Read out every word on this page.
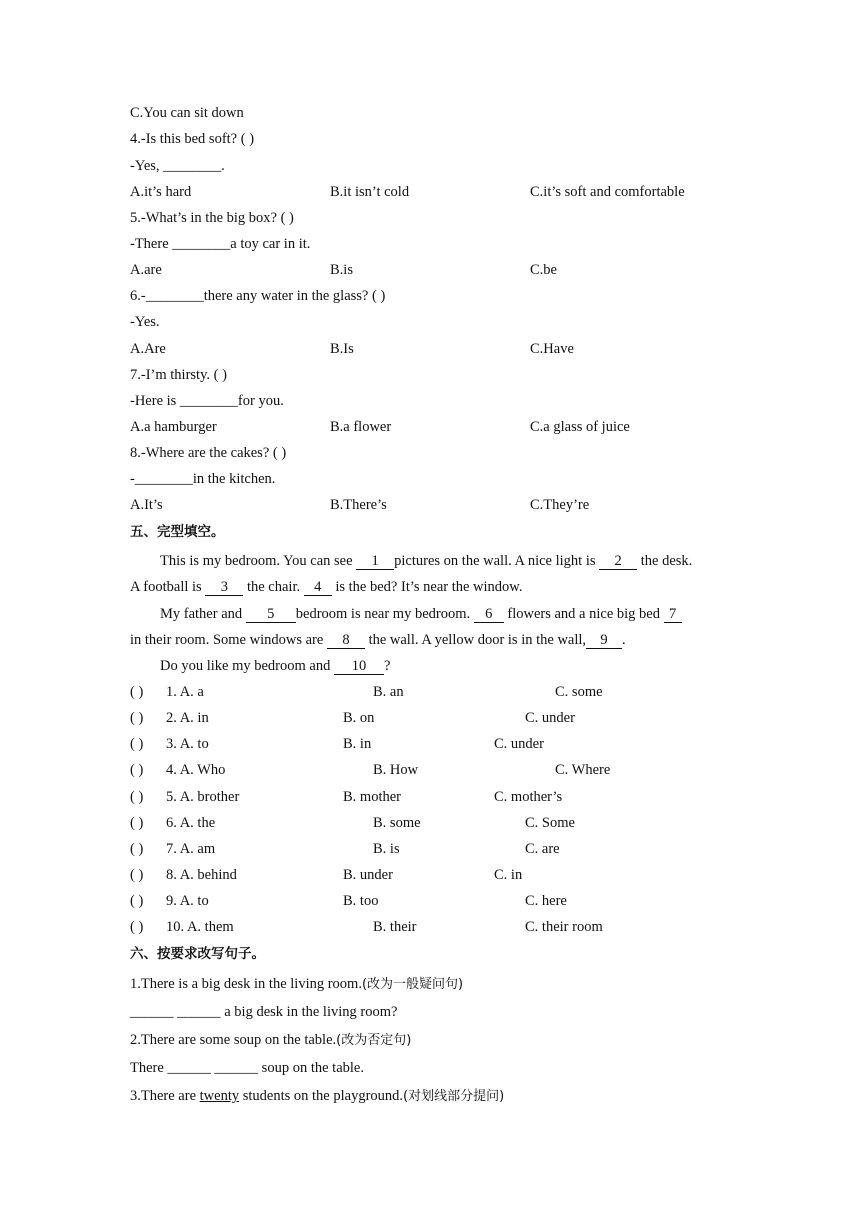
C.You can sit down
4.-Is this bed soft? ( )
-Yes, ________.
A.it’s hard	B.it isn’t cold	C.it’s soft and comfortable
5.-What’s in the big box? ( )
-There ________a toy car in it.
A.are	B.is	C.be
6.-________there any water in the glass? ( )
-Yes.
A.Are	B.Is	C.Have
7.-I’m thirsty. ( )
-Here is ________for you.
A.a hamburger	B.a flower	C.a glass of juice
8.-Where are the cakes? ( )
-________in the kitchen.
A.It’s	B.There’s	C.They’re
五、完型填空。
This is my bedroom. You can see 1 pictures on the wall. A nice light is 2 the desk.
A football is 3 the chair. 4 is the bed? It’s near the window.
My father and 5 bedroom is near my bedroom. 6 flowers and a nice big bed 7
in their room. Some windows are 8 the wall. A yellow door is in the wall, 9 .
Do you like my bedroom and 10 ?
( ) 1. A. a	B. an	C. some
( ) 2. A. in	B. on	C. under
( ) 3. A. to	B. in	C. under
( ) 4. A. Who	B. How	C. Where
( ) 5. A. brother	B. mother	C. mother’s
( ) 6. A. the	B. some	C. Some
( ) 7. A. am	B. is	C. are
( ) 8. A. behind	B. under	C. in
( ) 9. A. to	B. too	C. here
( ) 10. A. them	B. their	C. their room
六、按要求改写句子。
1.There is a big desk in the living room.(改为一般疑问句)
______ ______ a big desk in the living room?
2.There are some soup on the table.(改为否定句)
There ______ ______ soup on the table.
3.There are twenty students on the playground.(对划线部分提问)
